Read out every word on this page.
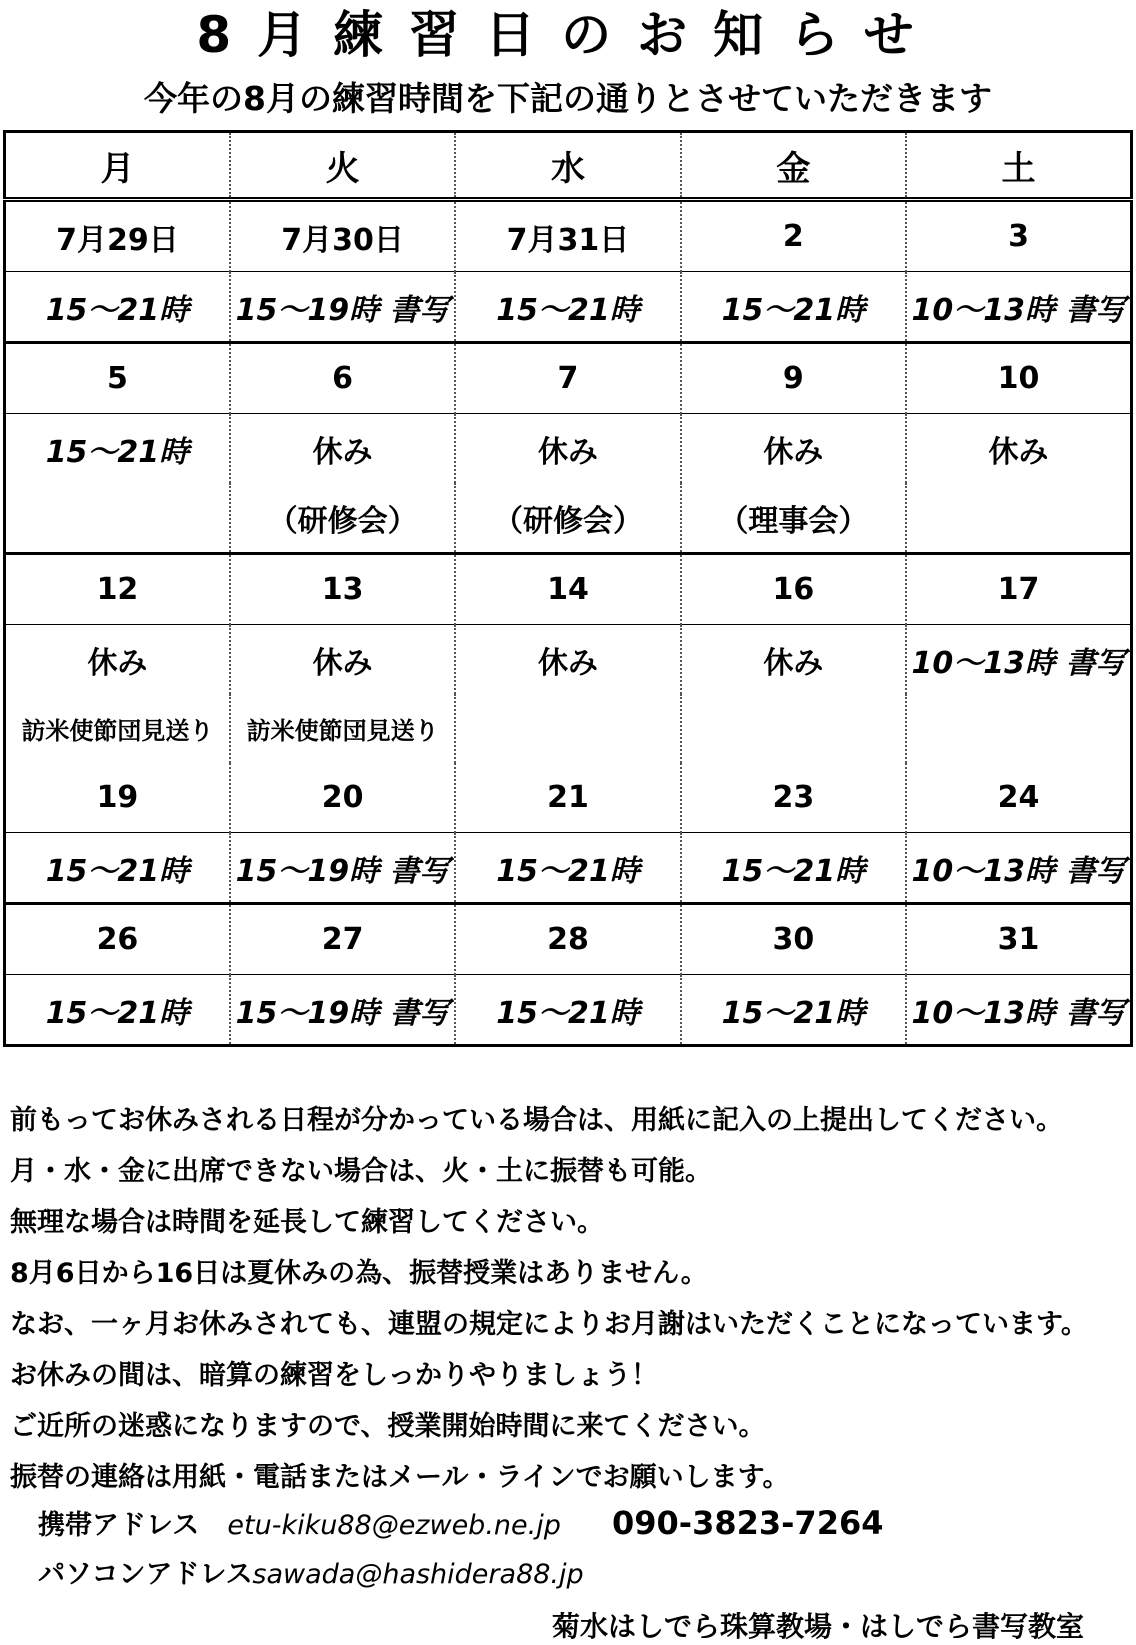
8月練習日のお知らせ
今年の8月の練習時間を下記の通りとさせていただきます
月	火	水	金	土
7月29日	7月30日	7月31日	2	3
15～21時	15～19時 書写	15～21時	15～21時	10～13時 書写
5	6	7	9	10
15～21時	休み	休み	休み	休み
	（研修会）	（研修会）	（理事会）	
12	13	14	16	17
休み	休み	休み	休み	10～13時 書写
訪米使節団見送り	訪米使節団見送り			
19	20	21	23	24
15～21時	15～19時 書写	15～21時	15～21時	10～13時 書写
26	27	28	30	31
15～21時	15～19時 書写	15～21時	15～21時	10～13時 書写

前もってお休みされる日程が分かっている場合は、用紙に記入の上提出してください。

月・水・金に出席できない場合は、火・土に振替も可能。

無理な場合は時間を延長して練習してください。

8月6日から16日は夏休みの為、振替授業はありません。

なお、一ヶ月お休みされても、連盟の規定によりお月謝はいただくことになっています。

お休みの間は、暗算の練習をしっかりやりましょう！

ご近所の迷惑になりますので、授業開始時間に来てください。

振替の連絡は用紙・電話またはメール・ラインでお願いします。

携帯アドレス etu-kiku88@ezweb.ne.jp 090-3823-7264
パソコンアドレス sawada@hashidera88.jp
菊水はしでら珠算教場・はしでら書写教室
